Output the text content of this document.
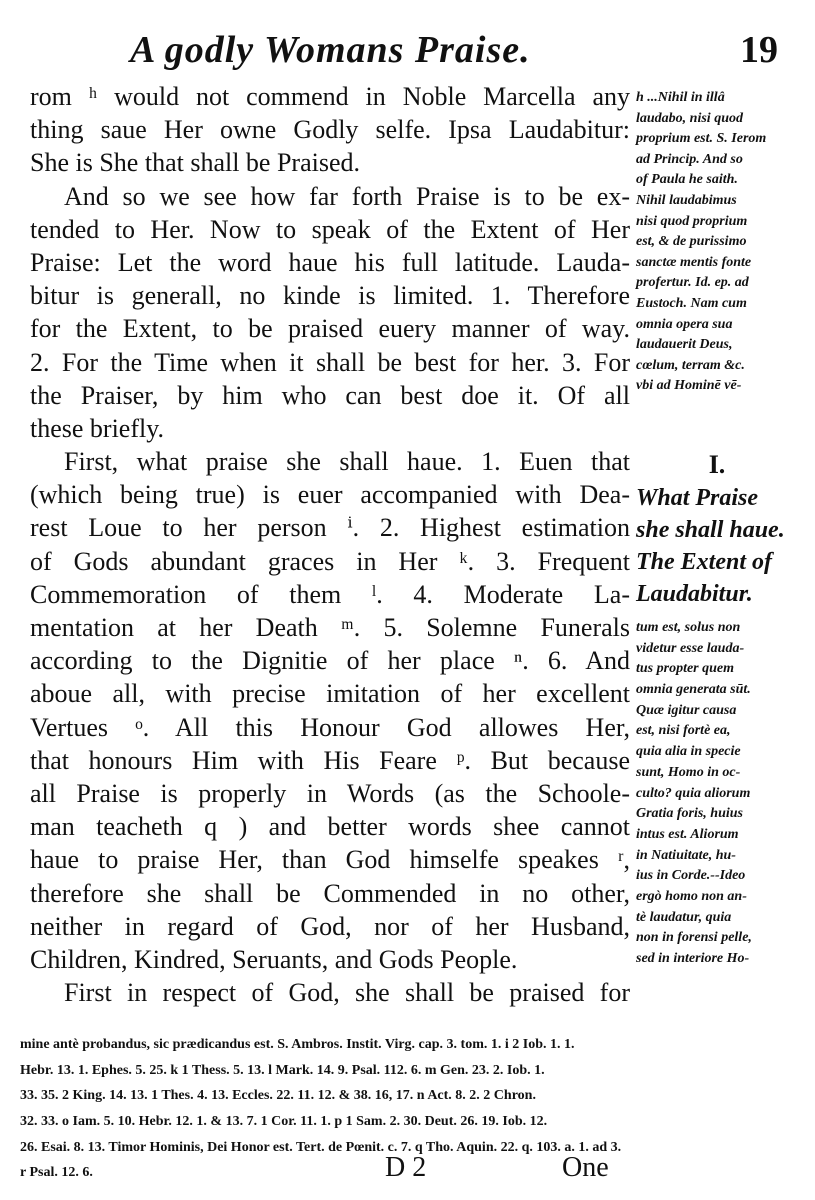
A godly Womans Praise.	19
rom ʰ would not commend in Noble Marcella any
thing saue Her owne Godly selfe. Ipsa Laudabitur:
She is She that shall be Praised.
And so we see how far forth Praise is to be ex-
tended to Her. Now to speak of the Extent of Her
Praise: Let the word haue his full latitude. Lauda-
bitur is generall, no kinde is limited. 1. Therefore
for the Extent, to be praised euery manner of way.
2. For the Time when it shall be best for her. 3. For
the Praiser, by him who can best doe it. Of all
these briefly.
First, what praise she shall haue. 1. Euen that
(which being true) is euer accompanied with Dea-
rest Loue to her person ⁱ. 2. Highest estimation
of Gods abundant graces in Her ᵏ. 3. Frequent
Commemoration of them ˡ. 4. Moderate La-
mentation at her Death ᵐ. 5. Solemne Funerals
according to the Dignitie of her place ⁿ. 6. And
aboue all, with precise imitation of her excellent
Vertues ᵒ. All this Honour God allowes Her,
that honours Him with His Feare ᵖ. But because
all Praise is properly in Words (as the Schoole-
man teacheth q ) and better words shee cannot
haue to praise Her, than God himselfe speakes ʳ,
therefore she shall be Commended in no other,
neither in regard of God, nor of her Husband,
Children, Kindred, Seruants, and Gods People.
First in respect of God, she shall be praised for
h ...Nihil in illâ
laudabo, nisi quod
proprium est. S. Ierom
ad Princip. And so
of Paula he saith.
Nihil laudabimus
nisi quod proprium
est, & de purissimo
sanctæ mentis fonte
profertur. Id. ep. ad
Eustoch. Nam cum
omnia opera sua
laudauerit Deus,
cœlum, terram &c.
vbi ad Hominē vē-
I.
What Praise
she shall haue.
The Extent of
Laudabitur.
tum est, solus non
videtur esse lauda-
tus propter quem
omnia generata sūt.
Quæ igitur causa
est, nisi fortè ea,
quia alia in specie
sunt, Homo in oc-
culto? quia aliorum
Gratia foris, huius
intus est. Aliorum
in Natiuitate, hu-
ius in Corde.--Ideo
ergò homo non an-
tè laudatur, quia
non in forensi pelle,
sed in interiore Ho-
mine antè probandus, sic prædicandus est. S. Ambros. Instit. Virg. cap. 3. tom. 1. i 2 Iob. 1. 1.
Hebr. 13. 1. Ephes. 5. 25. k 1 Thess. 5. 13. l Mark. 14. 9. Psal. 112. 6. m Gen. 23. 2. Iob. 1.
33. 35. 2 King. 14. 13. 1 Thes. 4. 13. Eccles. 22. 11. 12. & 38. 16, 17. n Act. 8. 2. 2 Chron.
32. 33. o Iam. 5. 10. Hebr. 12. 1. & 13. 7. 1 Cor. 11. 1. p 1 Sam. 2. 30. Deut. 26. 19. Iob. 12.
26. Esai. 8. 13. Timor Hominis, Dei Honor est. Tert. de Pœnit. c. 7. q Tho. Aquin. 22. q. 103. a. 1. ad 3.
r Psal. 12. 6.	D 2	One
